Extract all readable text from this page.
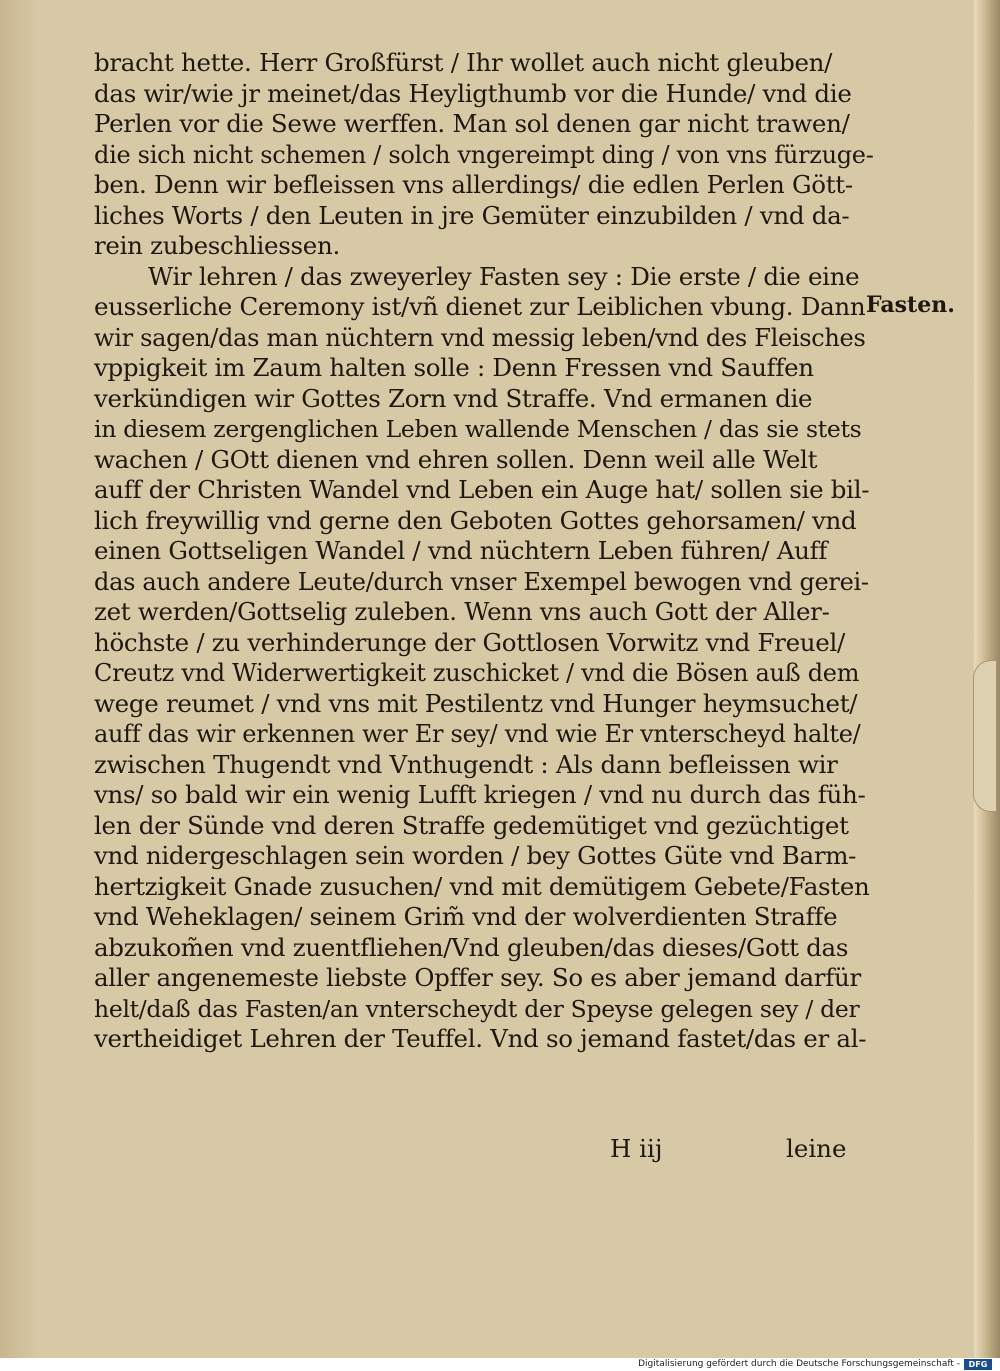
bracht hette. Herr Großfürst / Ihr wollet auch nicht gleuben/
das wir/wie jr meinet/das Heyligthumb vor die Hunde/ vnd die
Perlen vor die Sewe werffen. Man sol denen gar nicht trawen/
die sich nicht schemen / solch vngereimpt ding / von vns fürzuge-
ben. Denn wir befleissen vns allerdings/ die edlen Perlen Gött-
liches Worts / den Leuten in jre Gemüter einzubilden / vnd da-
rein zubeschliessen.
Wir lehren / das zweyerley Fasten sey : Die erste / die eine
eusserliche Ceremony ist/vñ dienet zur Leiblichen vbung. Dann
wir sagen/das man nüchtern vnd messig leben/vnd des Fleisches
vppigkeit im Zaum halten solle : Denn Fressen vnd Sauffen
verkündigen wir Gottes Zorn vnd Straffe. Vnd ermanen die
in diesem zergenglichen Leben wallende Menschen / das sie stets
wachen / GOtt dienen vnd ehren sollen. Denn weil alle Welt
auff der Christen Wandel vnd Leben ein Auge hat/ sollen sie bil-
lich freywillig vnd gerne den Geboten Gottes gehorsamen/ vnd
einen Gottseligen Wandel / vnd nüchtern Leben führen/ Auff
das auch andere Leute/durch vnser Exempel bewogen vnd gerei-
zet werden/Gottselig zuleben. Wenn vns auch Gott der Aller-
höchste / zu verhinderunge der Gottlosen Vorwitz vnd Freuel/
Creutz vnd Widerwertigkeit zuschicket / vnd die Bösen auß dem
wege reumet / vnd vns mit Pestilentz vnd Hunger heymsuchet/
auff das wir erkennen wer Er sey/ vnd wie Er vnterscheyd halte/
zwischen Thugendt vnd Vnthugendt : Als dann befleissen wir
vns/ so bald wir ein wenig Lufft kriegen / vnd nu durch das füh-
len der Sünde vnd deren Straffe gedemütiget vnd gezüchtiget
vnd nidergeschlagen sein worden / bey Gottes Güte vnd Barm-
hertzigkeit Gnade zusuchen/ vnd mit demütigem Gebete/Fasten
vnd Weheklagen/ seinem Grim̃ vnd der wolverdienten Straffe
abzukom̃en vnd zuentfliehen/Vnd gleuben/das dieses/Gott das
aller angenemeste liebste Opffer sey. So es aber jemand darfür
helt/daß das Fasten/an vnterscheydt der Speyse gelegen sey / der
vertheidiget Lehren der Teuffel. Vnd so jemand fastet/das er al-
Fasten.
H iij	leine
Digitalisierung gefördert durch die Deutsche Forschungsgemeinschaft -	DFG
